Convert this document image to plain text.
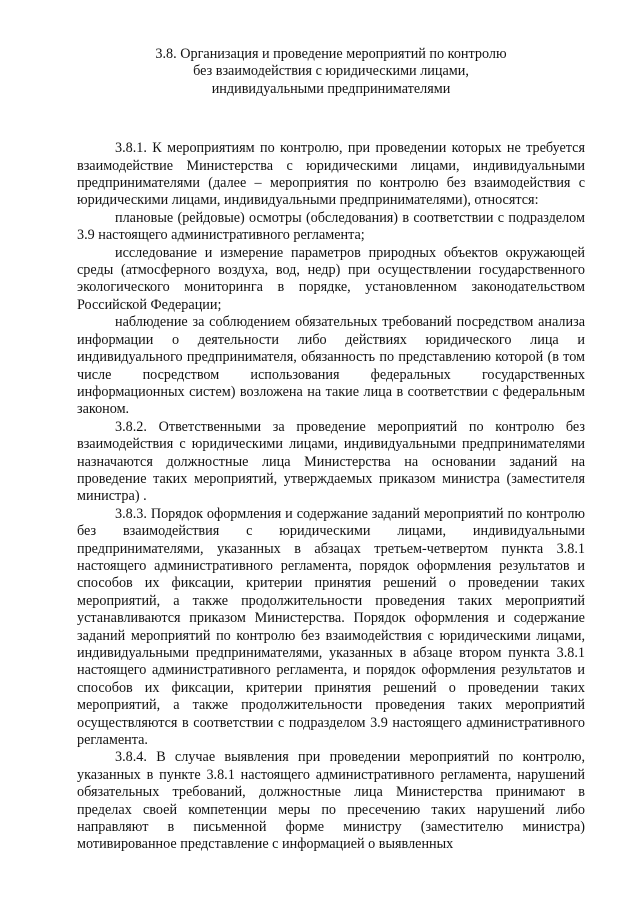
3.8. Организация и проведение мероприятий по контролю
без взаимодействия с юридическими лицами,
индивидуальными предпринимателями

3.8.1. К мероприятиям по контролю, при проведении которых не требуется взаимодействие Министерства с юридическими лицами, индивидуальными предпринимателями (далее – мероприятия по контролю без взаимодействия с юридическими лицами, индивидуальными предпринимателями), относятся:

плановые (рейдовые) осмотры (обследования) в соответствии с подразделом 3.9 настоящего административного регламента;

исследование и измерение параметров природных объектов окружающей среды (атмосферного воздуха, вод, недр) при осуществлении государственного экологического мониторинга в порядке, установленном законодательством Российской Федерации;

наблюдение за соблюдением обязательных требований посредством анализа информации о деятельности либо действиях юридического лица и индивидуального предпринимателя, обязанность по представлению которой (в том числе посредством использования федеральных государственных информационных систем) возложена на такие лица в соответствии с федеральным законом.

3.8.2. Ответственными за проведение мероприятий по контролю без взаимодействия с юридическими лицами, индивидуальными предпринимателями назначаются должностные лица Министерства на основании заданий на проведение таких мероприятий, утверждаемых приказом министра (заместителя министра) .

3.8.3. Порядок оформления и содержание заданий мероприятий по контролю без взаимодействия с юридическими лицами, индивидуальными предпринимателями, указанных в абзацах третьем-четвертом пункта 3.8.1 настоящего административного регламента, порядок оформления результатов и способов их фиксации, критерии принятия решений о проведении таких мероприятий, а также продолжительности проведения таких мероприятий устанавливаются приказом Министерства. Порядок оформления и содержание заданий мероприятий по контролю без взаимодействия с юридическими лицами, индивидуальными предпринимателями, указанных в абзаце втором пункта 3.8.1 настоящего административного регламента, и порядок оформления результатов и способов их фиксации, критерии принятия решений о проведении таких мероприятий, а также продолжительности проведения таких мероприятий осуществляются в соответствии с подразделом 3.9 настоящего административного регламента.

3.8.4. В случае выявления при проведении мероприятий по контролю, указанных в пункте 3.8.1 настоящего административного регламента, нарушений обязательных требований, должностные лица Министерства принимают в пределах своей компетенции меры по пресечению таких нарушений либо направляют в письменной форме министру (заместителю министра) мотивированное представление с информацией о выявленных
